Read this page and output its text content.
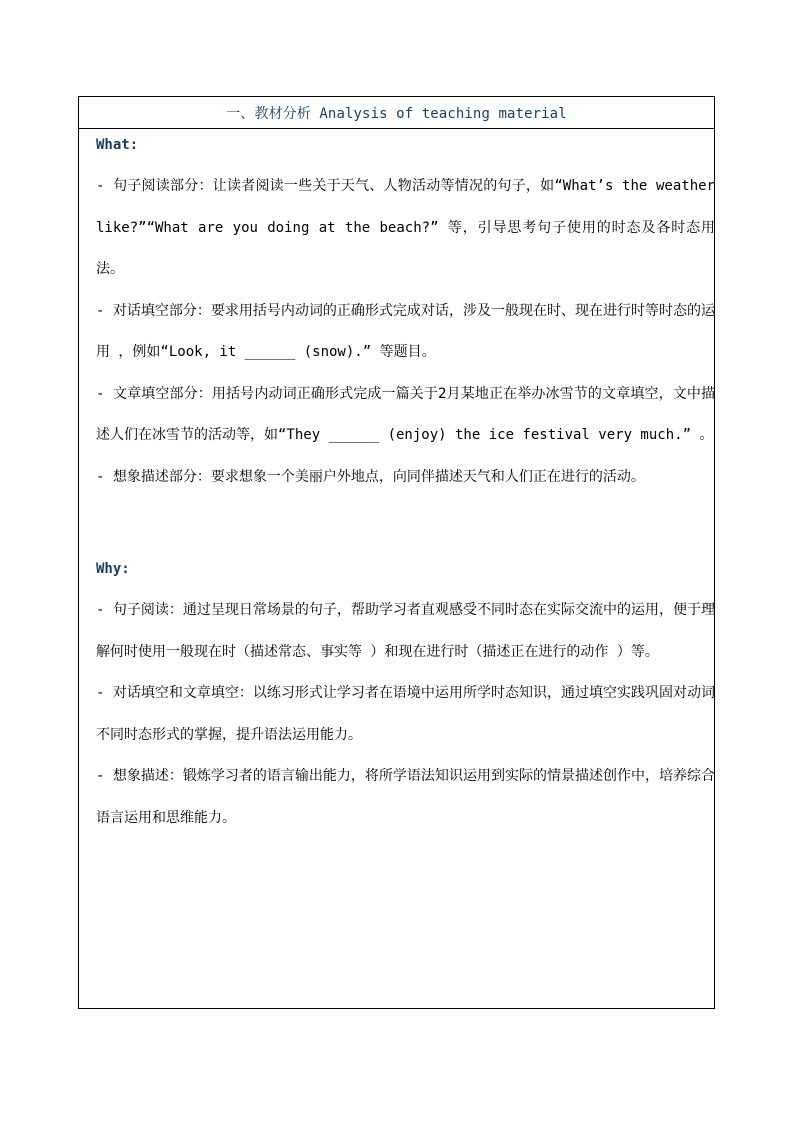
一、教材分析 Analysis of teaching material

What:

- 句子阅读部分：让读者阅读一些关于天气、人物活动等情况的句子，如“What’s the weather like?”“What are you doing at the beach?” 等，引导思考句子使用的时态及各时态用法。

- 对话填空部分：要求用括号内动词的正确形式完成对话，涉及一般现在时、现在进行时等时态的运用 ，例如“Look, it ______ (snow).” 等题目。

- 文章填空部分：用括号内动词正确形式完成一篇关于2月某地正在举办冰雪节的文章填空，文中描述人们在冰雪节的活动等，如“They ______ (enjoy) the ice festival very much.” 。

- 想象描述部分：要求想象一个美丽户外地点，向同伴描述天气和人们正在进行的活动。

Why:

- 句子阅读：通过呈现日常场景的句子，帮助学习者直观感受不同时态在实际交流中的运用，便于理解何时使用一般现在时（描述常态、事实等 ）和现在进行时（描述正在进行的动作 ）等。

- 对话填空和文章填空：以练习形式让学习者在语境中运用所学时态知识，通过填空实践巩固对动词不同时态形式的掌握，提升语法运用能力。

- 想象描述：锻炼学习者的语言输出能力，将所学语法知识运用到实际的情景描述创作中，培养综合语言运用和思维能力。
